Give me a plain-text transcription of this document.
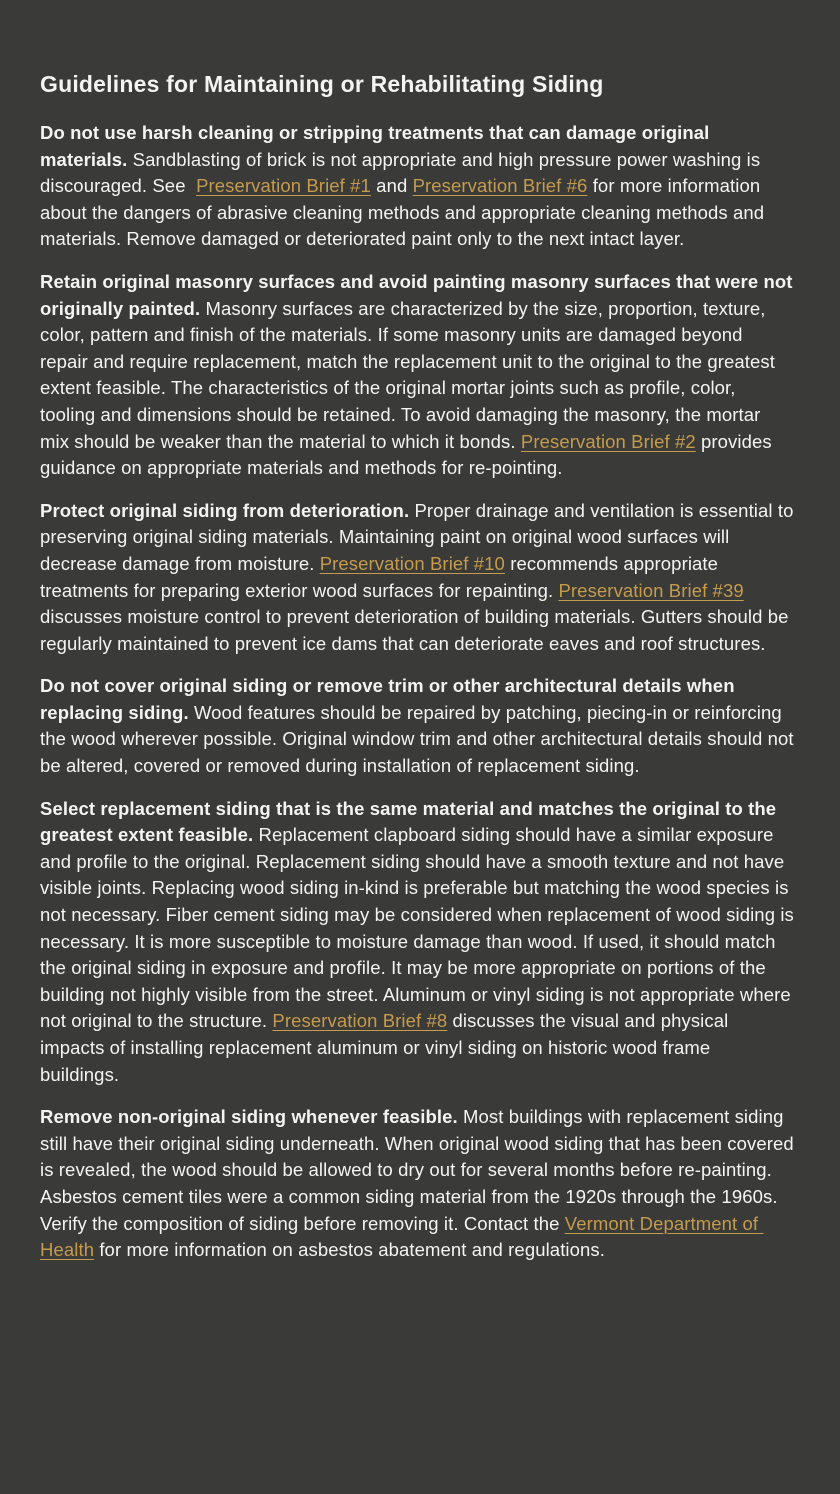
Guidelines for Maintaining or Rehabilitating Siding

Do not use harsh cleaning or stripping treatments that can damage original materials. Sandblasting of brick is not appropriate and high pressure power washing is discouraged. See  Preservation Brief #1 and Preservation Brief #6 for more information about the dangers of abrasive cleaning methods and appropriate cleaning methods and materials. Remove damaged or deteriorated paint only to the next intact layer.

Retain original masonry surfaces and avoid painting masonry surfaces that were not originally painted. Masonry surfaces are characterized by the size, proportion, texture, color, pattern and finish of the materials. If some masonry units are damaged beyond repair and require replacement, match the replacement unit to the original to the greatest extent feasible. The characteristics of the original mortar joints such as profile, color, tooling and dimensions should be retained. To avoid damaging the masonry, the mortar mix should be weaker than the material to which it bonds. Preservation Brief #2 provides guidance on appropriate materials and methods for re-pointing.

Protect original siding from deterioration. Proper drainage and ventilation is essential to preserving original siding materials. Maintaining paint on original wood surfaces will decrease damage from moisture. Preservation Brief #10 recommends appropriate treatments for preparing exterior wood surfaces for repainting. Preservation Brief #39 discusses moisture control to prevent deterioration of building materials. Gutters should be regularly maintained to prevent ice dams that can deteriorate eaves and roof structures.

Do not cover original siding or remove trim or other architectural details when replacing siding. Wood features should be repaired by patching, piecing-in or reinforcing the wood wherever possible. Original window trim and other architectural details should not be altered, covered or removed during installation of replacement siding.

Select replacement siding that is the same material and matches the original to the greatest extent feasible. Replacement clapboard siding should have a similar exposure and profile to the original. Replacement siding should have a smooth texture and not have visible joints. Replacing wood siding in-kind is preferable but matching the wood species is not necessary. Fiber cement siding may be considered when replacement of wood siding is necessary. It is more susceptible to moisture damage than wood. If used, it should match the original siding in exposure and profile. It may be more appropriate on portions of the building not highly visible from the street. Aluminum or vinyl siding is not appropriate where not original to the structure. Preservation Brief #8 discusses the visual and physical impacts of installing replacement aluminum or vinyl siding on historic wood frame buildings.

Remove non-original siding whenever feasible. Most buildings with replacement siding still have their original siding underneath. When original wood siding that has been covered is revealed, the wood should be allowed to dry out for several months before re-painting. Asbestos cement tiles were a common siding material from the 1920s through the 1960s. Verify the composition of siding before removing it. Contact the Vermont Department of Health for more information on asbestos abatement and regulations.
